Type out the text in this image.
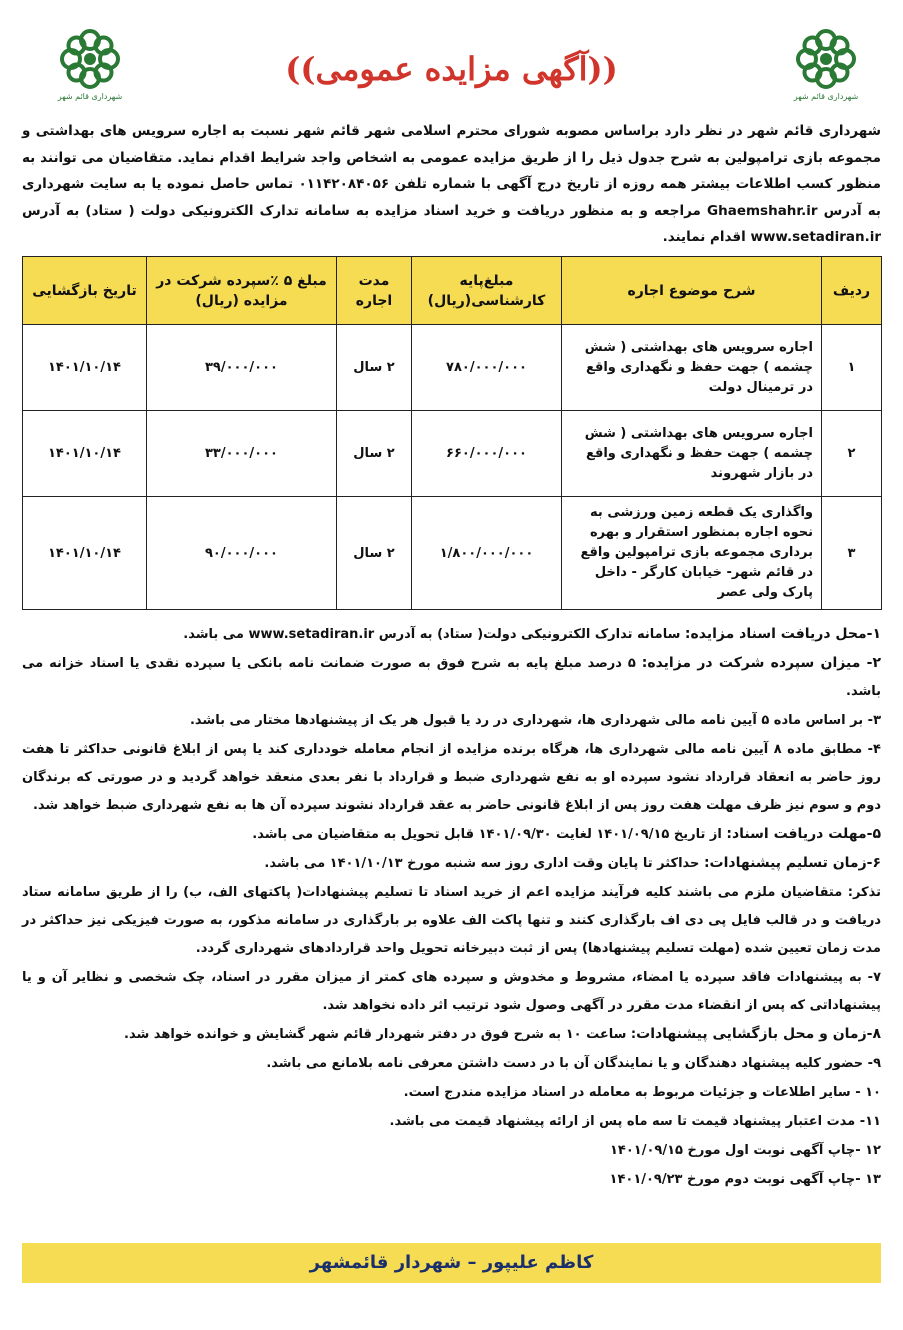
شهرداری قائم شهر
شهرداری قائم شهر
((آگهی مزایده عمومی))
شهرداری قائم شهر در نظر دارد براساس مصوبه شورای محترم اسلامی شهر قائم شهر نسبت به اجاره سرویس های بهداشتی و مجموعه بازی ترامپولین به شرح جدول ذیل را از طریق مزایده عمومی به اشخاص واجد شرایط اقدام نماید. متقاضیان می توانند به منظور کسب اطلاعات بیشتر همه روزه از تاریخ درج آگهی با شماره تلفن ۰۱۱۴۲۰۸۴۰۵۶ تماس حاصل نموده یا به سایت شهرداری به آدرس Ghaemshahr.ir مراجعه و به منظور دریافت و خرید اسناد مزایده به سامانه تدارک الکترونیکی دولت ( ستاد) به آدرس www.setadiran.ir اقدام نمایند.
ردیف	شرح موضوع اجاره	مبلغ‌پایه کارشناسی(ریال)	مدت اجاره	مبلغ ۵ ٪سپرده شرکت در مزایده (ریال)	تاریخ بازگشایی
۱	اجاره سرویس های بهداشتی ( شش چشمه ) جهت حفظ و نگهداری واقع در ترمینال دولت	۷۸۰/۰۰۰/۰۰۰	۲ سال	۳۹/۰۰۰/۰۰۰	۱۴۰۱/۱۰/۱۴
۲	اجاره سرویس های بهداشتی ( شش چشمه ) جهت حفظ و نگهداری واقع در بازار شهروند	۶۶۰/۰۰۰/۰۰۰	۲ سال	۳۳/۰۰۰/۰۰۰	۱۴۰۱/۱۰/۱۴
۳	واگذاری یک قطعه زمین ورزشی به نحوه اجاره بمنظور استقرار و بهره برداری مجموعه بازی ترامپولین واقع در قائم شهر- خیابان کارگر - داخل پارک ولی عصر	۱/۸۰۰/۰۰۰/۰۰۰	۲ سال	۹۰/۰۰۰/۰۰۰	۱۴۰۱/۱۰/۱۴
۱-محل دریافت اسناد مزایده: سامانه تدارک الکترونیکی دولت( ستاد) به آدرس www.setadiran.ir می باشد.
۲- میزان سپرده شرکت در مزایده: ۵ درصد مبلغ پایه به شرح فوق به صورت ضمانت نامه بانکی یا سپرده نقدی یا اسناد خزانه می باشد.
۳- بر اساس ماده ۵ آیین نامه مالی شهرداری ها، شهرداری در رد یا قبول هر یک از پیشنهادها مختار می باشد.
۴- مطابق ماده ۸ آیین نامه مالی شهرداری ها، هرگاه برنده مزایده از انجام معامله خودداری کند یا پس از ابلاغ قانونی حداکثر تا هفت روز حاضر به انعقاد قرارداد نشود سپرده او به نفع شهرداری ضبط و قرارداد با نفر بعدی منعقد خواهد گردید و در صورتی که برندگان دوم و سوم نیز ظرف مهلت هفت روز پس از ابلاغ قانونی حاضر به عقد قرارداد نشوند سپرده آن ها به نفع شهرداری ضبط خواهد شد.
۵-مهلت دریافت اسناد: از تاریخ ۱۴۰۱/۰۹/۱۵ لغایت ۱۴۰۱/۰۹/۳۰ قابل تحویل به متقاضیان می باشد.
۶-زمان تسلیم پیشنهادات: حداکثر تا پایان وقت اداری روز سه شنبه مورخ ۱۴۰۱/۱۰/۱۳ می باشد.
تذکر: متقاضیان ملزم می باشند کلیه فرآیند مزایده اعم از خرید اسناد تا تسلیم پیشنهادات( پاکتهای الف، ب) را از طریق سامانه ستاد دریافت و در قالب فایل پی دی اف بارگذاری کنند و تنها پاکت الف علاوه بر بارگذاری در سامانه مذکور، به صورت فیزیکی نیز حداکثر در مدت زمان تعیین شده (مهلت تسلیم پیشنهادها) پس از ثبت دبیرخانه تحویل واحد قراردادهای شهرداری گردد.
۷- به پیشنهادات فاقد سپرده یا امضاء، مشروط و مخدوش و سپرده های کمتر از میزان مقرر در اسناد، چک شخصی و نظایر آن و یا پیشنهاداتی که پس از انقضاء مدت مقرر در آگهی وصول شود ترتیب اثر داده نخواهد شد.
۸-زمان و محل بازگشایی پیشنهادات: ساعت ۱۰ به شرح فوق در دفتر شهردار قائم شهر گشایش و خوانده خواهد شد.
۹- حضور کلیه پیشنهاد دهندگان و یا نمایندگان آن با در دست داشتن معرفی نامه بلامانع می باشد.
۱۰ - سایر اطلاعات و جزئیات مربوط به معامله در اسناد مزایده مندرج است.
۱۱- مدت اعتبار پیشنهاد قیمت تا سه ماه پس از ارائه پیشنهاد قیمت می باشد.
۱۲ -چاپ آگهی نوبت اول مورخ ۱۴۰۱/۰۹/۱۵
۱۳ -چاپ آگهی نوبت دوم مورخ ۱۴۰۱/۰۹/۲۳
کاظم علیپور – شهردار قائمشهر
